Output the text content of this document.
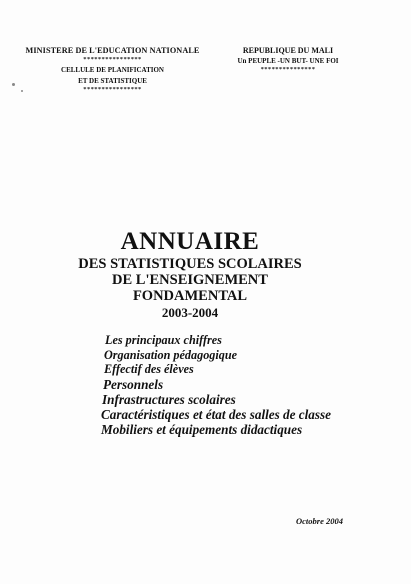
MINISTERE DE L'EDUCATION NATIONALE
****************
CELLULE DE PLANIFICATION
ET DE STATISTIQUE
****************
REPUBLIQUE DU MALI
Un PEUPLE -UN BUT- UNE FOI
***************
ANNUAIRE
DES STATISTIQUES SCOLAIRES
DE L'ENSEIGNEMENT
FONDAMENTAL
2003-2004
Les principaux chiffres
Organisation pédagogique
Effectif des élèves
Personnels
Infrastructures scolaires
Caractéristiques et état des salles de classe
Mobiliers et équipements didactiques
Octobre 2004
